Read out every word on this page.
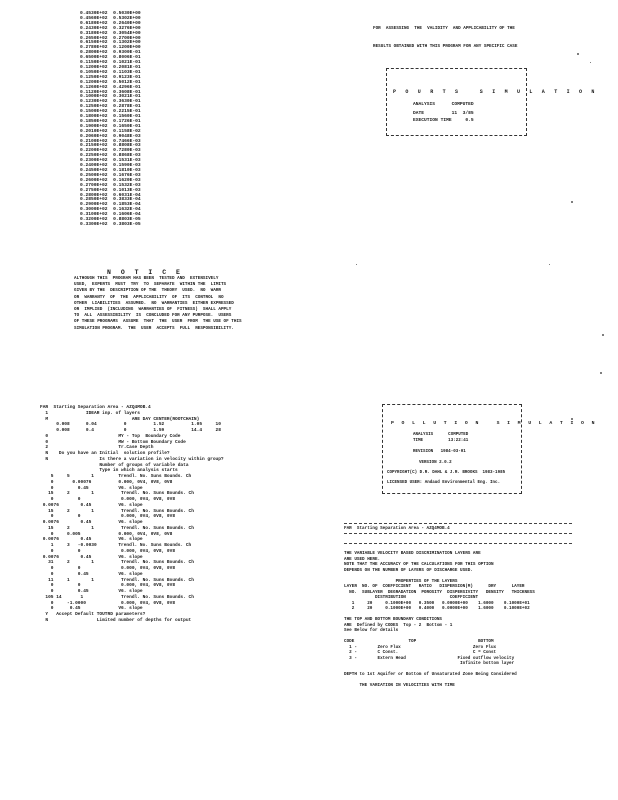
0.4530E+02  0.5030E+00
0.4560E+02  0.5302E+00
0.6180E+02  0.2640E+00
0.2430E+02  0.3276E+00
0.3180E+02  0.3054E+00
0.2650E+02  0.2700E+00
0.6150E+02  0.1302E+00
0.2780E+02  0.1200E+00
0.2800E+02  0.9300E-01
0.6500E+02  0.8006E-01
0.1150E+02  0.1021E-01
0.1200E+02  0.2081E-01
0.1050E+02  0.1103E-01
0.1250E+02  0.9123E-01
0.1200E+02  0.5012E-01
0.1260E+02  0.4296E-01
0.1120E+02  0.3608E-01
0.1000E+02  0.3021E-01
0.1230E+02  0.3630E-01
0.1250E+02  0.2878E-01
0.1500E+02  0.2215E-01
0.1800E+02  0.1560E-01
0.1850E+02  0.1726E-01
0.1900E+02  0.1650E-01
0.2010E+02  0.1158E-02
0.2060E+02  0.9048E-03
0.2100E+02  0.7466E-03
0.2150E+02  0.8808E-03
0.2200E+02  0.7280E-03
0.2250E+02  0.8868E-03
0.2300E+02  0.1531E-03
0.2400E+02  0.1590E-03
0.2450E+02  0.1810E-03
0.2500E+02  0.1676E-03
0.2600E+02  0.1620E-03
0.2700E+02  0.1532E-03
0.2750E+02  0.1013E-03
0.2800E+02  0.6031E-04
0.2850E+02  0.3833E-04
0.2900E+02  0.1853E-04
0.3000E+02  0.1632E-04
0.3100E+02  0.1606E-04
0.3200E+02  0.8803E-05
0.3300E+02  0.3803E-05

FOR  ASSESSING  THE  VALIDITY  AND APPLICABILITY OF THE

RESULTS OBTAINED WITH THIS PROGRAM FOR ANY SPECIFIC CASE

P O U R T S   S I M U L A T I O N
ANALYSIS      COMPUTED
DATE          11  3/85
EXECUTION TIME     0.5
N O T I C E
ALTHOUGH THIS  PROGRAM HAS BEEN  TESTED AND  EXTENSIVELY
USED,  EXPERTS  MUST  TRY  TO  SEPARATE  WITHIN THE  LIMITS
GIVEN BY THE  DESCRIPTION OF THE  THEORY  USED.  NO  WARR
OR  WARRANTY  OF  THE  APPLICABILITY  OF  ITS  CONTROL  NO
OTHER  LIABILITIES  ASSUMED.  NO  WARRANTIES  EITHER EXPRESSED
OR  IMPLIED  (INCLUDING  WARRANTIES OF  FITNESS)  SHALL APPLY
TO  ALL  ASSESSIBILITY  IS  CONCLUDED FOR ANY PURPOSE.  USERS
OF THESE PROGRAMS  ASSUME  THAT  THE  USER  FROM  THE USE OF THIS
SIMULATION PROGRAM.  THE  USER  ACCEPTS  FULL  RESPONSIBILITY.
FAR  Starting Separation Area - AZQ4MOB.4
1              IDEAR inp. of layers
M                               ARE DAY CENTER(ROOTCHAIN)
0.008      0.04          0          1.52          1.05     10
0.008      0.4           0          1.59          14.4     28
0                          MY - Top  Boundary Code
0                          MW - Bottom Boundary Code
2                          Tr.Case Depth
N    Do you have an Initial  solution profile?
N                   Is there a variation in velocity within group?
Number of groups of variable data
Type in which analysis starts
5     5        1         Trendl. No. Suns Bounds. Ch
0       0.00076          0.000, 0V4, 0V8, 0V8
0         0.45           V6. slope
15     2        1          Trendl. No. Suns Bounds. Ch
0         0               0.000, 0V4, 0V8, 0V8
0.0076        0.45          V6. slope
15     2        1          Trendl. No. Suns Bounds. Ch
0         0               0.000, 0V4, 0V8, 0V8
0.0076        0.45          V6. slope
15     2        1          Trendl. No. Suns Bounds. Ch
0     0.005              0.000, 0V4, 0V8, 0V8
0.0076        0.45          V6. slope
1     3   -0.0030        Trendl. No. Suns Bounds. Ch
0         0               0.000, 0V4, 0V8, 0V8
0.0076        0.45          V6. slope
31     2        1          Trendl. No. Suns Bounds. Ch
0         0               0.000, 0V4, 0V8, 0V8
0         0.45           V6. slope
11     1        1          Trendl. No. Suns Bounds. Ch
0         0               0.000, 0V4, 0V8, 0V8
0         0.45           V6. slope
105 14       1              Trendl. No. Suns Bounds. Ch
0     -1.0000             0.000, 0V4, 0V8, 0V8
0      0.45              V6. slope
Y   Accept Default TOUTRD parameters?
N                  Limited number of depths for output
P O L L U T I O N   S I M U L A T I O N
ANALYSIS      COMPUTED
TIME          13:22:41
REVISION   1984-03-01
VERSION 2.0.2
COPYRIGHT(C) D.R. DAHL & J.R. BROOKS  1983-1985
LICENSED USER: Andaud Environmental Eng. Inc.
FAR  Starting Separation Area - AZQ4MOB.4
THE VARIABLE VELOCITY BASED DISCRIMINATION LAYERS ARE
ARE USED HERE.
NOTE THAT THE ACCURACY OF THE CALCULATIONS FOR THIS OPTION
DEPENDS ON THE NUMBER OF LAYERS OF DISCHARGE USED.

PROPERTIES OF THE LAYERS
LAYER  NO. OF  COEFFICIENT   RATIO   DISPERSION(M)      DRY      LAYER
NO.  SUBLAYER  DEGRADATION  POROSITY  DISPERSIVITY   DENSITY   THICKNESS
DISTRIBUTION                 COEFFICIENT
1     20     0.1000E+00   0.3500   0.0000E+00    1.6000    0.1000E+01
2     20     0.1000E+00   0.4000   0.0000E+00    1.6000    0.1000E+02

THE TOP AND BOTTOM BOUNDARY CONDITIONS
ARE  Defined by CODES  Top - 2  Bottom - 1
See Below for details

CODE                     TOP                        BOTTOM
1 -        Zero Flux                            Zero Flux
2 -        C Const.                             C = Const
3 -        Extern Head                    Fixed outflow velocity
Infinite bottom layer

DEPTH to 1st Aquifer or Bottom of Unsaturated Zone Being Considered

THE VARIATION IN VELOCITIES WITH TIME
